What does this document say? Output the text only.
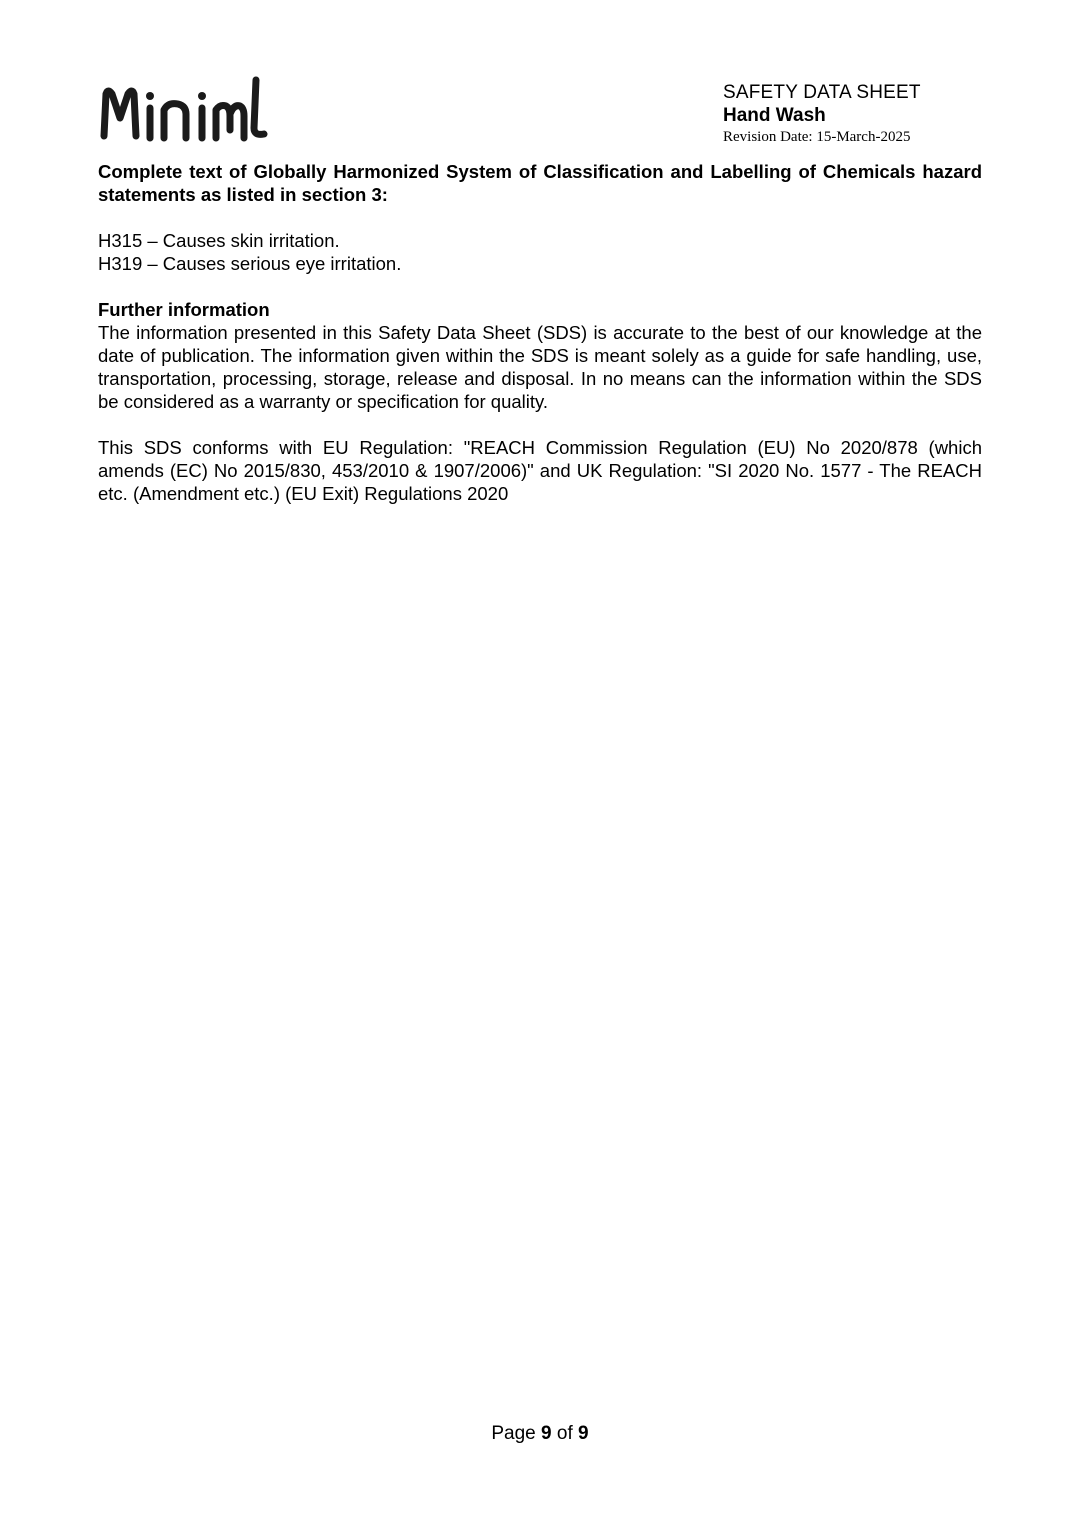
SAFETY DATA SHEET
Hand Wash
Revision Date: 15-March-2025

Complete text of Globally Harmonized System of Classification and Labelling of Chemicals hazard statements as listed in section 3:

H315 – Causes skin irritation.

H319 – Causes serious eye irritation.

Further information

The information presented in this Safety Data Sheet (SDS) is accurate to the best of our knowledge at the date of publication. The information given within the SDS is meant solely as a guide for safe handling, use, transportation, processing, storage, release and disposal. In no means can the information within the SDS be considered as a warranty or specification for quality.

This SDS conforms with EU Regulation: "REACH Commission Regulation (EU) No 2020/878 (which amends (EC) No 2015/830, 453/2010 & 1907/2006)" and UK Regulation: "SI 2020 No. 1577 - The REACH etc. (Amendment etc.) (EU Exit) Regulations 2020

Page 9 of 9
